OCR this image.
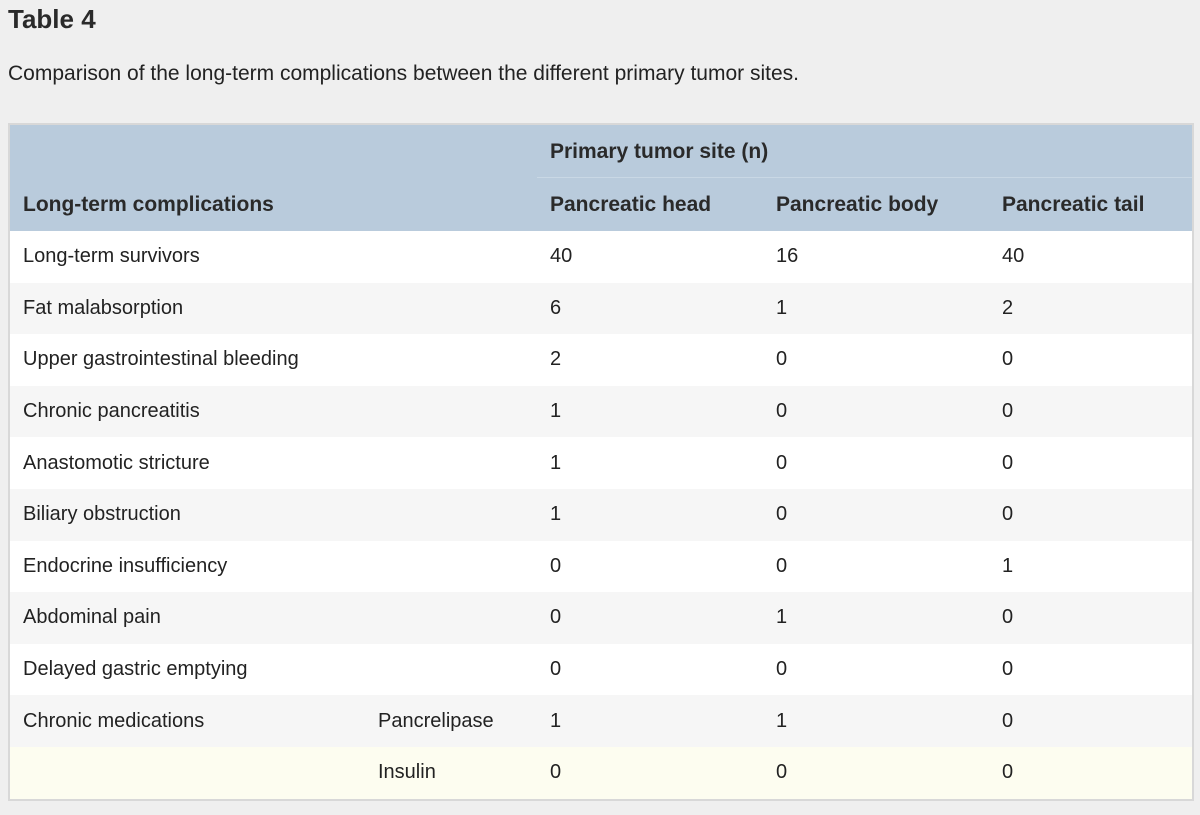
Table 4

Comparison of the long-term complications between the different primary tumor sites.

		Primary tumor site (n)		
Long-term complications		Pancreatic head	Pancreatic body	Pancreatic tail
Long-term survivors		40	16	40
Fat malabsorption		6	1	2
Upper gastrointestinal bleeding		2	0	0
Chronic pancreatitis		1	0	0
Anastomotic stricture		1	0	0
Biliary obstruction		1	0	0
Endocrine insufficiency		0	0	1
Abdominal pain		0	1	0
Delayed gastric emptying		0	0	0
Chronic medications	Pancrelipase	1	1	0
	Insulin	0	0	0
